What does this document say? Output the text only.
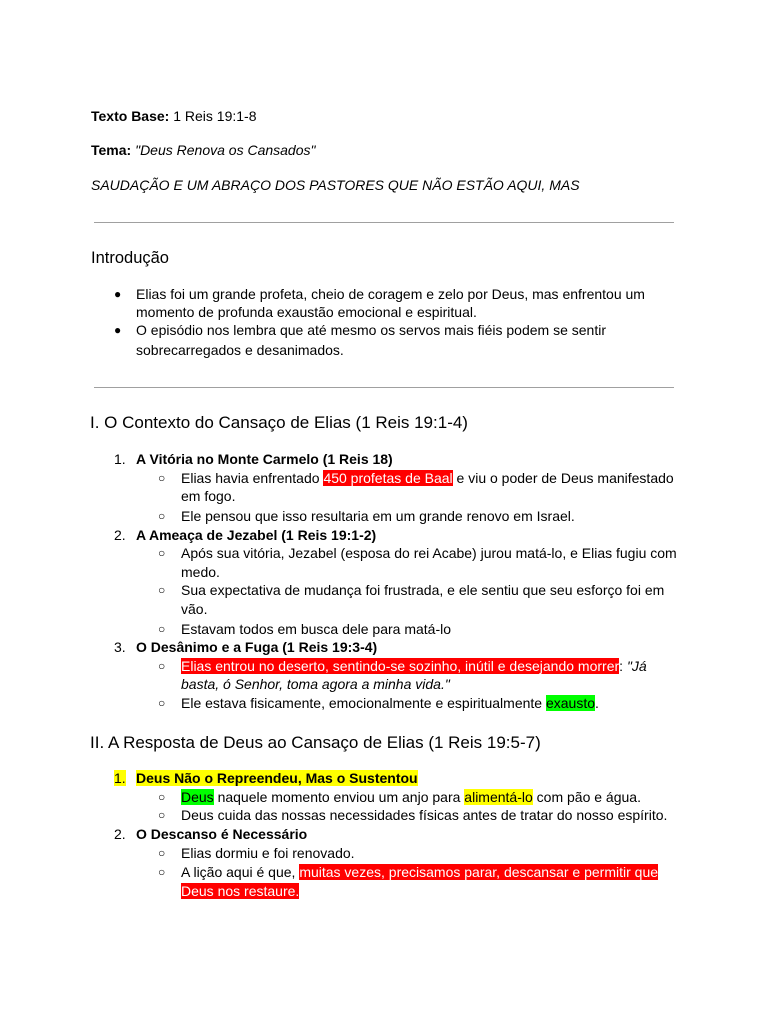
Texto Base: 1 Reis 19:1-8
Tema: "Deus Renova os Cansados"
SAUDAÇÃO E UM ABRAÇO DOS PASTORES QUE NÃO ESTÃO AQUI, MAS
Introdução
● Elias foi um grande profeta, cheio de coragem e zelo por Deus, mas enfrentou um
momento de profunda exaustão emocional e espiritual.
● O episódio nos lembra que até mesmo os servos mais fiéis podem se sentir
sobrecarregados e desanimados.
I. O Contexto do Cansaço de Elias (1 Reis 19:1-4)
1. A Vitória no Monte Carmelo (1 Reis 18)
○ Elias havia enfrentado 450 profetas de Baal e viu o poder de Deus manifestado
em fogo.
○ Ele pensou que isso resultaria em um grande renovo em Israel.
2. A Ameaça de Jezabel (1 Reis 19:1-2)
○ Após sua vitória, Jezabel (esposa do rei Acabe) jurou matá-lo, e Elias fugiu com
medo.
○ Sua expectativa de mudança foi frustrada, e ele sentiu que seu esforço foi em
vão.
○ Estavam todos em busca dele para matá-lo
3. O Desânimo e a Fuga (1 Reis 19:3-4)
○ Elias entrou no deserto, sentindo-se sozinho, inútil e desejando morrer: "Já
basta, ó Senhor, toma agora a minha vida."
○ Ele estava fisicamente, emocionalmente e espiritualmente exausto.
II. A Resposta de Deus ao Cansaço de Elias (1 Reis 19:5-7)
1. Deus Não o Repreendeu, Mas o Sustentou
○ Deus naquele momento enviou um anjo para alimentá-lo com pão e água.
○ Deus cuida das nossas necessidades físicas antes de tratar do nosso espírito.
2. O Descanso é Necessário
○ Elias dormiu e foi renovado.
○ A lição aqui é que, muitas vezes, precisamos parar, descansar e permitir que
Deus nos restaure.
